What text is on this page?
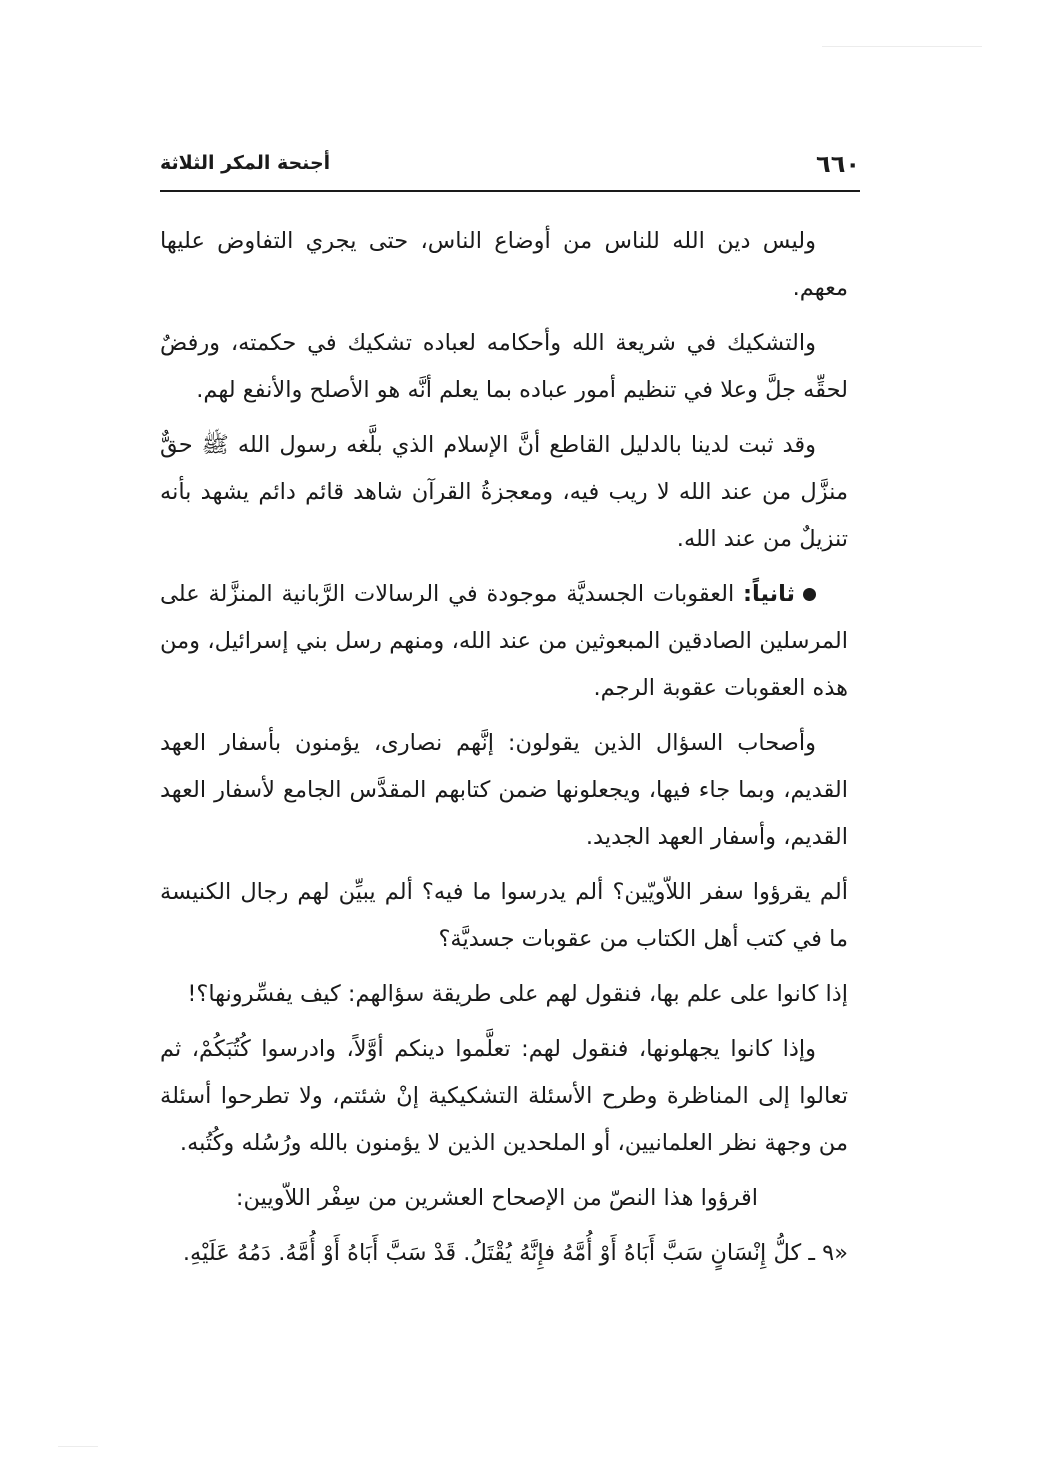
٦٦٠
أجنحة المكر الثلاثة

وليس دين الله للناس من أوضاع الناس، حتى يجري التفاوض عليها معهم.

والتشكيك في شريعة الله وأحكامه لعباده تشكيك في حكمته، ورفضٌ لحقِّه جلَّ وعلا في تنظيم أمور عباده بما يعلم أنَّه هو الأصلح والأنفع لهم.

وقد ثبت لدينا بالدليل القاطع أنَّ الإسلام الذي بلَّغه رسول الله ﷺ حقٌّ منزَّل من عند الله لا ريب فيه، ومعجزةُ القرآن شاهد قائم دائم يشهد بأنه تنزيلٌ من عند الله.

ثانياً: العقوبات الجسديَّة موجودة في الرسالات الرَّبانية المنزَّلة على المرسلين الصادقين المبعوثين من عند الله، ومنهم رسل بني إسرائيل، ومن هذه العقوبات عقوبة الرجم.

وأصحاب السؤال الذين يقولون: إنَّهم نصارى، يؤمنون بأسفار العهد القديم، وبما جاء فيها، ويجعلونها ضمن كتابهم المقدَّس الجامع لأسفار العهد القديم، وأسفار العهد الجديد.

ألم يقرؤوا سفر اللاّويّين؟ ألم يدرسوا ما فيه؟ ألم يبيِّن لهم رجال الكنيسة ما في كتب أهل الكتاب من عقوبات جسديَّة؟

إذا كانوا على علم بها، فنقول لهم على طريقة سؤالهم: كيف يفسِّرونها؟!

وإذا كانوا يجهلونها، فنقول لهم: تعلَّموا دينكم أوَّلاً، وادرسوا كُتُبَكُمْ، ثم تعالوا إلى المناظرة وطرح الأسئلة التشكيكية إنْ شئتم، ولا تطرحوا أسئلة من وجهة نظر العلمانيين، أو الملحدين الذين لا يؤمنون بالله ورُسُله وكُتُبه.

اقرؤوا هذا النصّ من الإصحاح العشرين من سِفْر اللاّويين:

«٩ ـ كلُّ إِنْسَانٍ سَبَّ أَبَاهُ أَوْ أُمَّهُ فإِنَّهُ يُقْتَلُ. قَدْ سَبَّ أَبَاهُ أَوْ أُمَّهُ. دَمُهُ عَلَيْهِ.
